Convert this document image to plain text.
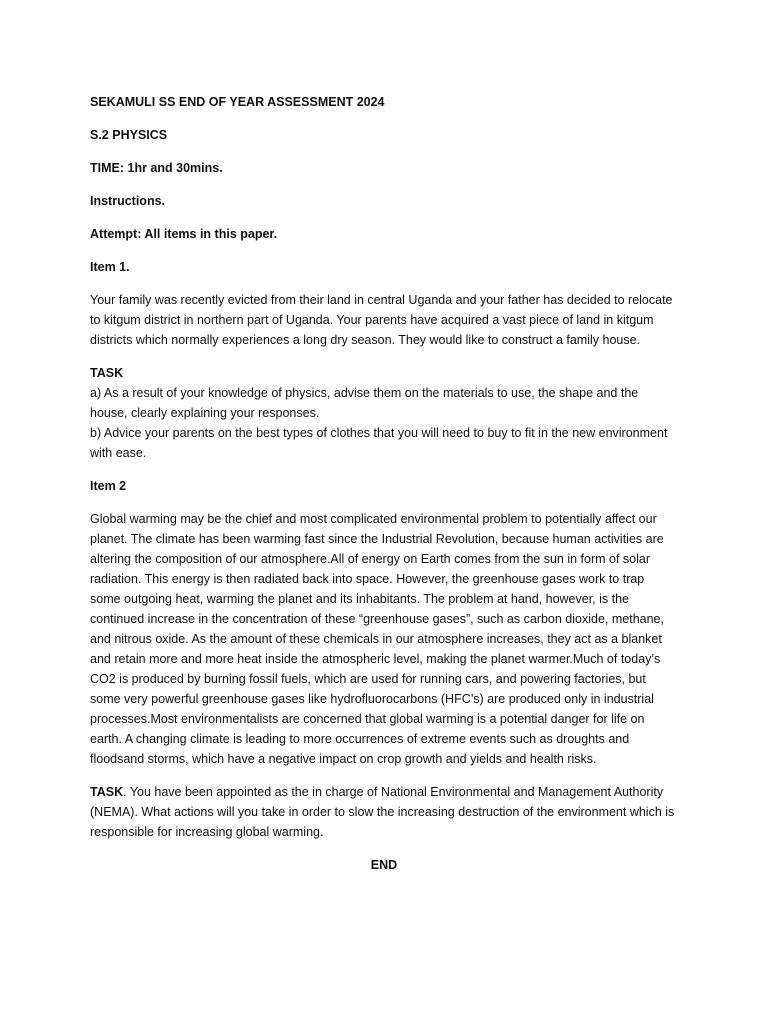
SEKAMULI SS END OF YEAR ASSESSMENT 2024

S.2 PHYSICS

TIME: 1hr and 30mins.

Instructions.

Attempt: All items in this paper.

Item 1.

Your family was recently evicted from their land in central Uganda and your father has decided to relocate to kitgum district in northern part of Uganda. Your parents have acquired a vast piece of land in kitgum districts which normally experiences a long dry season. They would like to construct a family house.

TASK

a) As a result of your knowledge of physics, advise them on the materials to use, the shape and the house, clearly explaining your responses.

b) Advice your parents on the best types of clothes that you will need to buy to fit in the new environment with ease.

Item 2

Global warming may be the chief and most complicated environmental problem to potentially affect our planet. The climate has been warming fast since the Industrial Revolution, because human activities are altering the composition of our atmosphere.All of energy on Earth comes from the sun in form of solar radiation. This energy is then radiated back into space. However, the greenhouse gases work to trap some outgoing heat, warming the planet and its inhabitants. The problem at hand, however, is the continued increase in the concentration of these “greenhouse gases”, such as carbon dioxide, methane, and nitrous oxide. As the amount of these chemicals in our atmosphere increases, they act as a blanket and retain more and more heat inside the atmospheric level, making the planet warmer.Much of today’s CO2 is produced by burning fossil fuels, which are used for running cars, and powering factories, but some very powerful greenhouse gases like hydrofluorocarbons (HFC’s) are produced only in industrial processes.Most environmentalists are concerned that global warming is a potential danger for life on earth. A changing climate is leading to more occurrences of extreme events such as droughts and floodsand storms, which have a negative impact on crop growth and yields and health risks.

TASK. You have been appointed as the in charge of National Environmental and Management Authority (NEMA). What actions will you take in order to slow the increasing destruction of the environment which is responsible for increasing global warming.

END
